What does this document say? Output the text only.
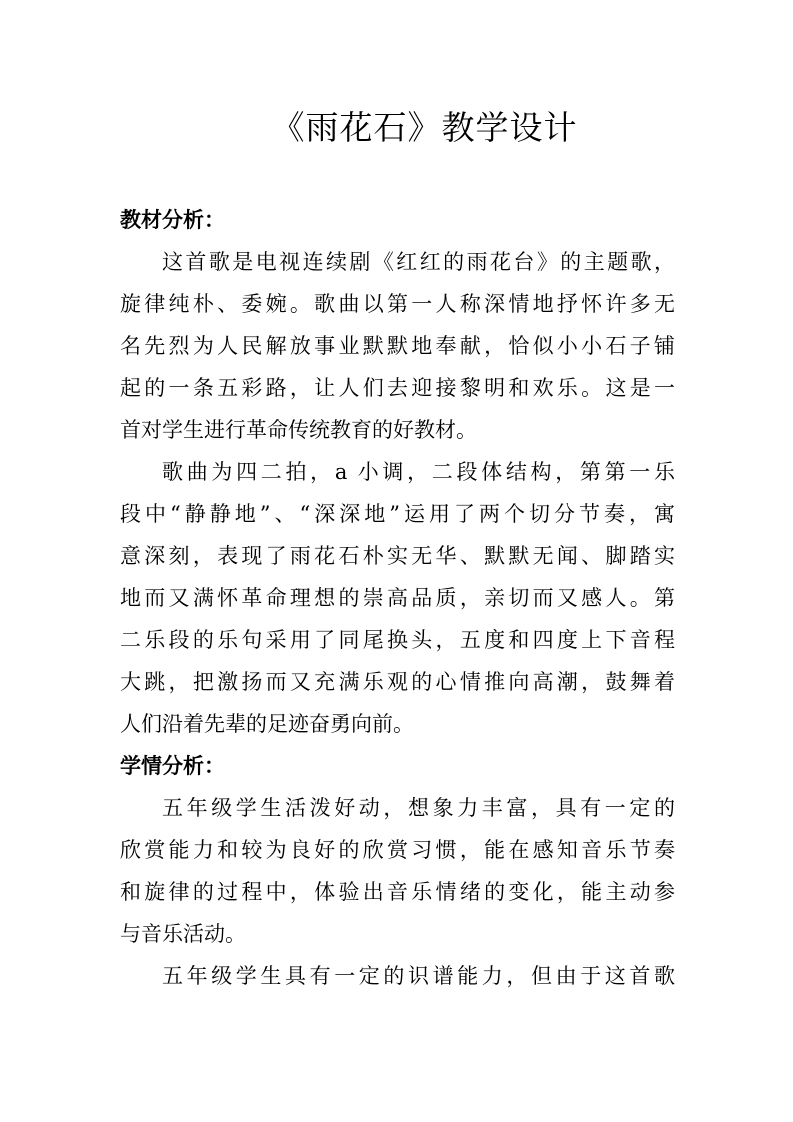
《雨花石》教学设计
教材分析：
这首歌是电视连续剧《红红的雨花台》的主题歌，
旋律纯朴、委婉。歌曲以第一人称深情地抒怀许多无
名先烈为人民解放事业默默地奉献，恰似小小石子铺
起的一条五彩路，让人们去迎接黎明和欢乐。这是一
首对学生进行革命传统教育的好教材。
歌曲为四二拍，a 小调，二段体结构，第第一乐
段中“静静地”、“深深地”运用了两个切分节奏，寓
意深刻，表现了雨花石朴实无华、默默无闻、脚踏实
地而又满怀革命理想的崇高品质，亲切而又感人。第
二乐段的乐句采用了同尾换头，五度和四度上下音程
大跳，把激扬而又充满乐观的心情推向高潮，鼓舞着
人们沿着先辈的足迹奋勇向前。
学情分析：
五年级学生活泼好动，想象力丰富，具有一定的
欣赏能力和较为良好的欣赏习惯，能在感知音乐节奏
和旋律的过程中，体验出音乐情绪的变化，能主动参
与音乐活动。
五年级学生具有一定的识谱能力，但由于这首歌
